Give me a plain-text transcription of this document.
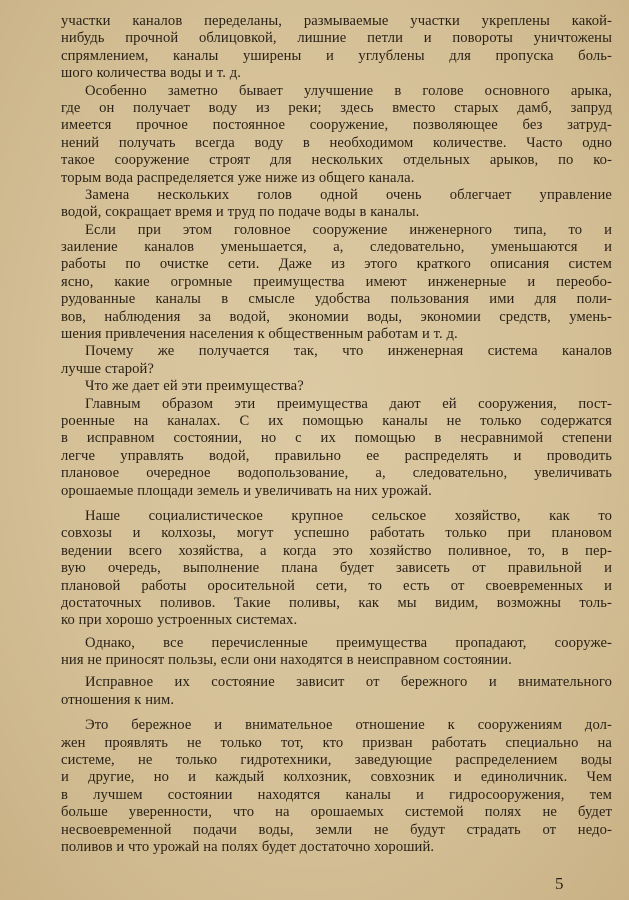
участки каналов переделаны, размываемые участки укреплены какой-
нибудь прочной облицовкой, лишние петли и повороты уничтожены
спрямлением, каналы уширены и углублены для пропуска боль-
шого количества воды и т. д.
Особенно заметно бывает улучшение в голове основного арыка,
где он получает воду из реки; здесь вместо старых дамб, запруд
имеется прочное постоянное сооружение, позволяющее без затруд-
нений получать всегда воду в необходимом количестве. Часто одно
такое сооружение строят для нескольких отдельных арыков, по ко-
торым вода распределяется уже ниже из общего канала.
Замена нескольких голов одной очень облегчает управление
водой, сокращает время и труд по подаче воды в каналы.
Если при этом головное сооружение инженерного типа, то и
заиление каналов уменьшается, а, следовательно, уменьшаются и
работы по очистке сети. Даже из этого краткого описания систем
ясно, какие огромные преимущества имеют инженерные и переобо-
рудованные каналы в смысле удобства пользования ими для поли-
вов, наблюдения за водой, экономии воды, экономии средств, умень-
шения привлечения населения к общественным работам и т. д.
Почему же получается так, что инженерная система каналов
лучше старой?
Что же дает ей эти преимущества?
Главным образом эти преимущества дают ей сооружения, пост-
роенные на каналах. С их помощью каналы не только содержатся
в исправном состоянии, но с их помощью в несравнимой степени
легче управлять водой, правильно ее распределять и проводить
плановое очередное водопользование, а, следовательно, увеличивать
орошаемые площади земель и увеличивать на них урожай.
Наше социалистическое крупное сельское хозяйство, как то
совхозы и колхозы, могут успешно работать только при плановом
ведении всего хозяйства, а когда это хозяйство поливное, то, в пер-
вую очередь, выполнение плана будет зависеть от правильной и
плановой работы оросительной сети, то есть от своевременных и
достаточных поливов. Такие поливы, как мы видим, возможны толь-
ко при хорошо устроенных системах.
Однако, все перечисленные преимущества пропадают, сооруже-
ния не приносят пользы, если они находятся в неисправном состоянии.
Исправное их состояние зависит от бережного и внимательного
отношения к ним.
Это бережное и внимательное отношение к сооружениям дол-
жен проявлять не только тот, кто призван работать специально на
системе, не только гидротехники, заведующие распределением воды
и другие, но и каждый колхозник, совхозник и единоличник. Чем
в лучшем состоянии находятся каналы и гидросооружения, тем
больше уверенности, что на орошаемых системой полях не будет
несвоевременной подачи воды, земли не будут страдать от недо-
поливов и что урожай на полях будет достаточно хороший.
5
